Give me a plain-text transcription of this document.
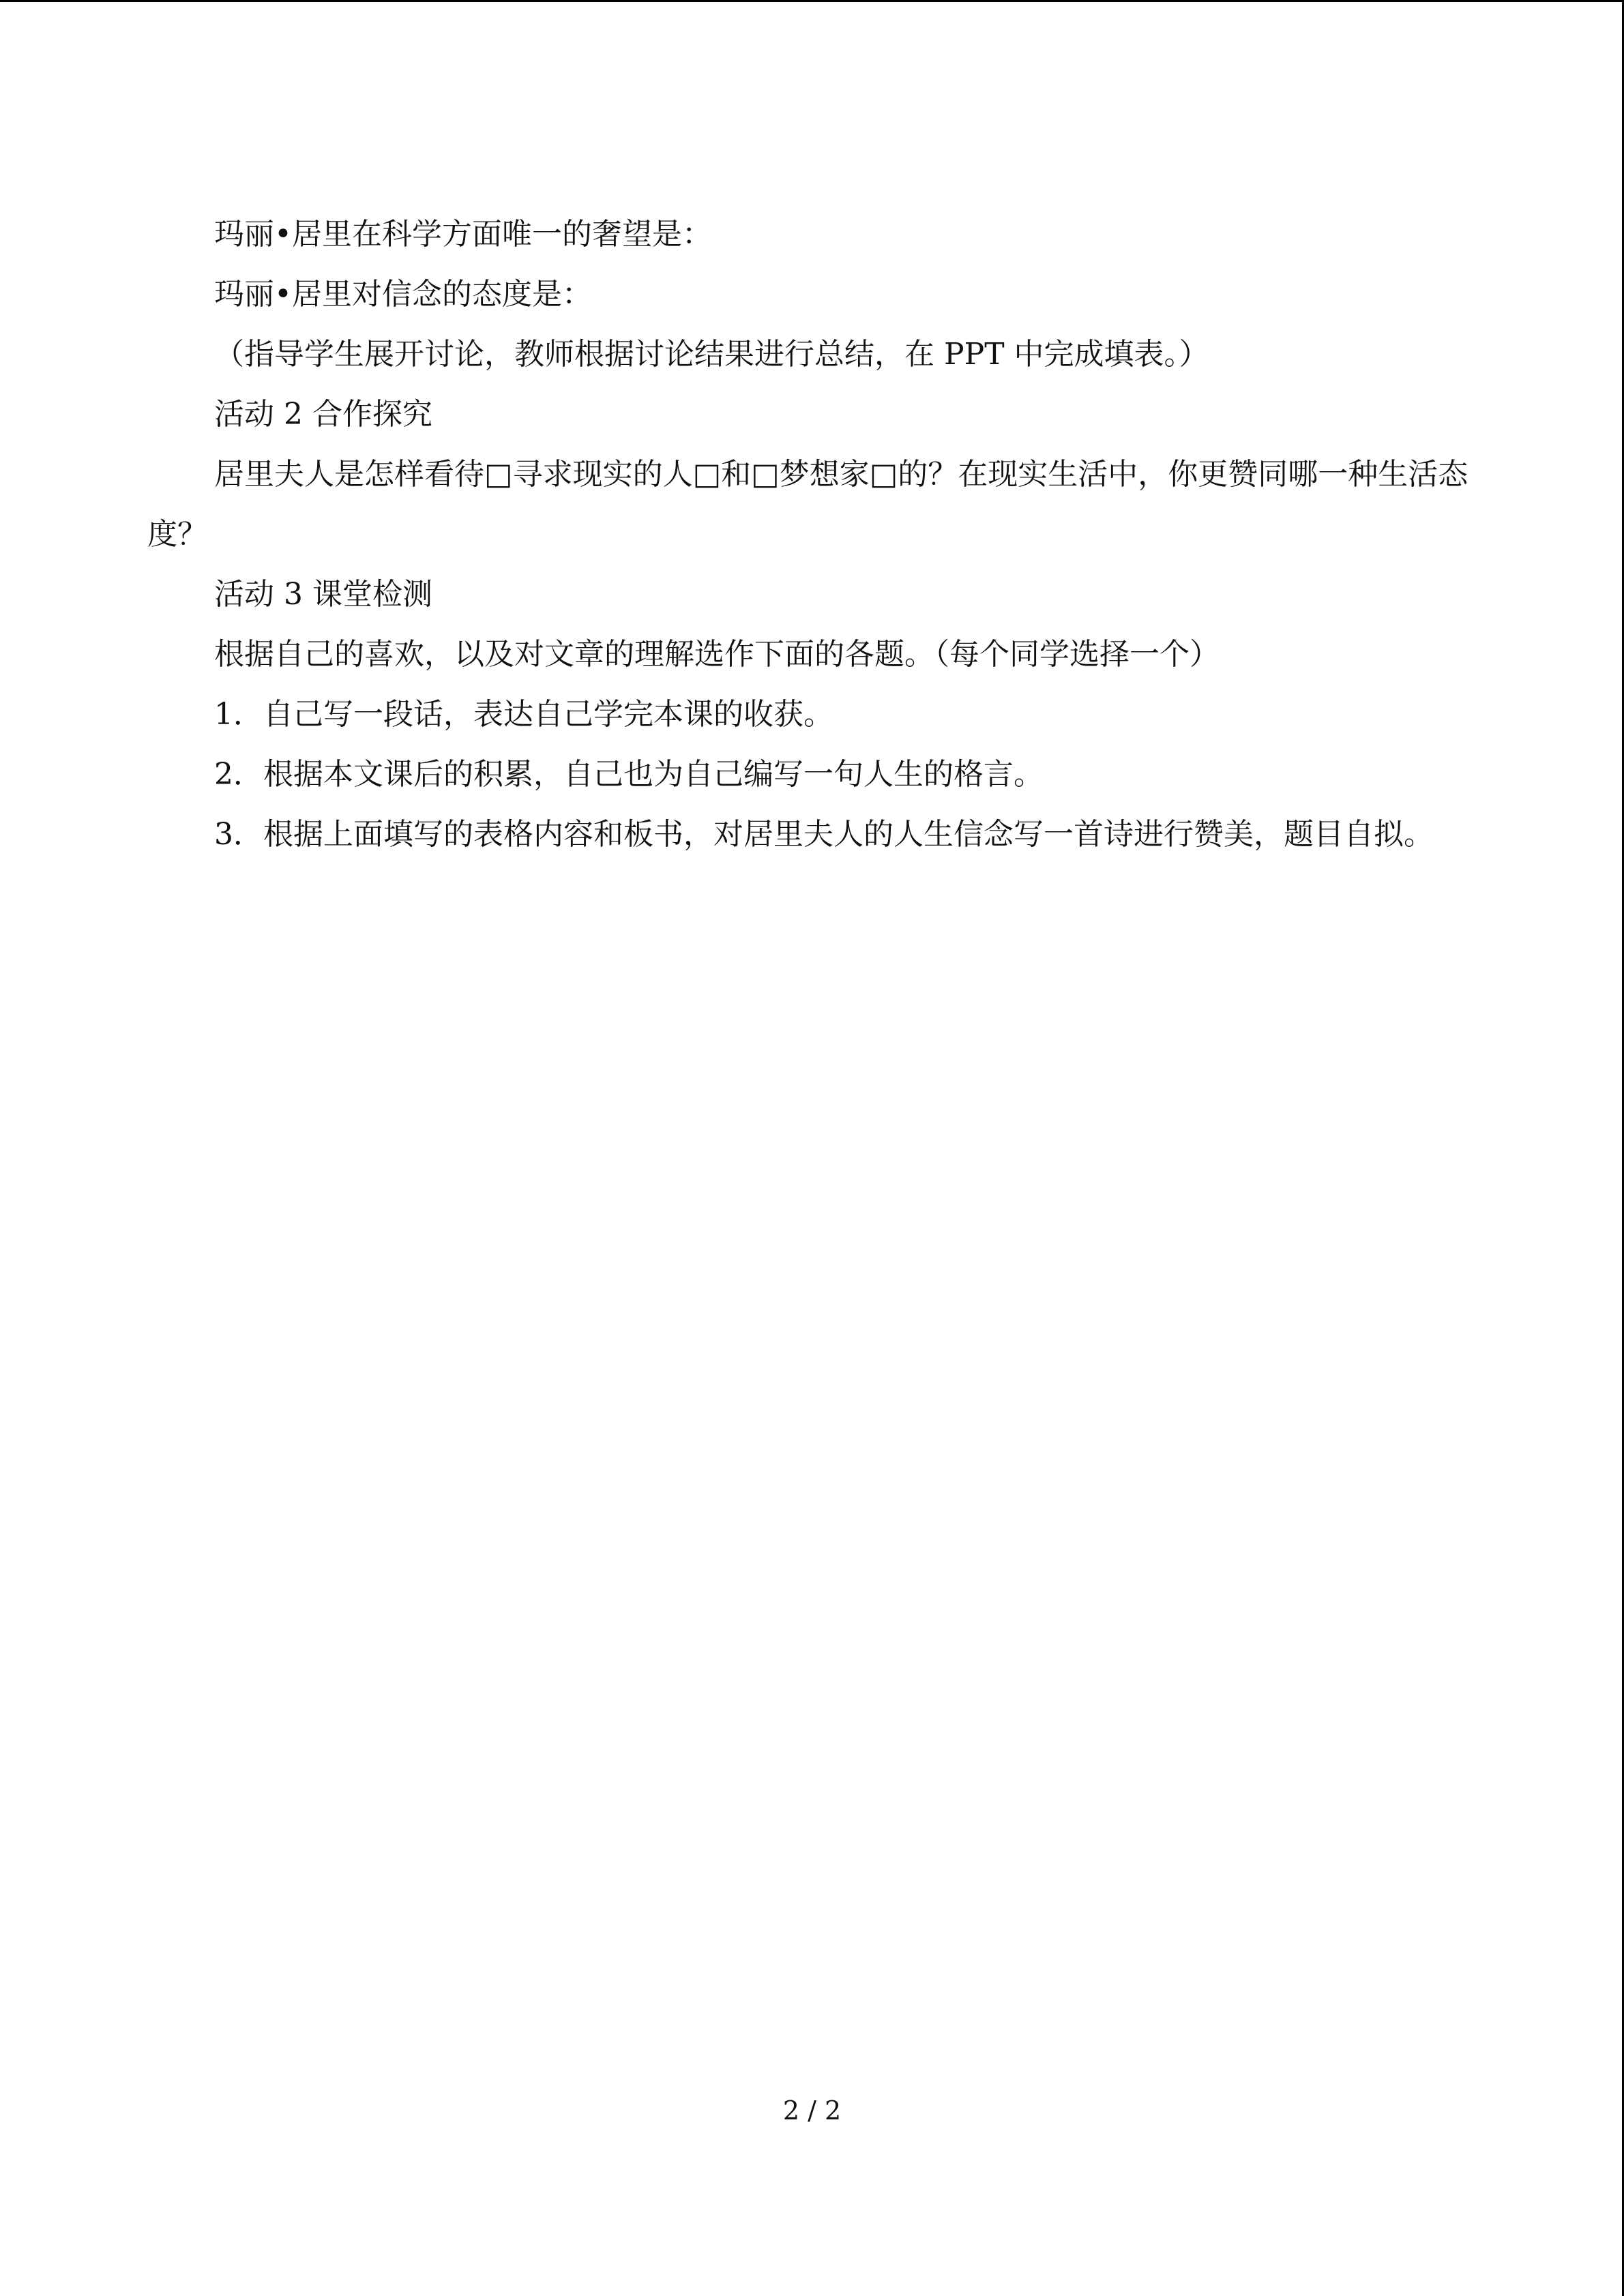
玛丽•居里在科学方面唯一的奢望是：

玛丽•居里对信念的态度是：

（指导学生展开讨论，教师根据讨论结果进行总结，在 PPT 中完成填表。）

活动 2 合作探究

居里夫人是怎样看待□寻求现实的人□和□梦想家□的？在现实生活中，你更赞同哪一种生活态度？

活动 3 课堂检测

根据自己的喜欢，以及对文章的理解选作下面的各题。（每个同学选择一个）

1．自己写一段话，表达自己学完本课的收获。

2．根据本文课后的积累，自己也为自己编写一句人生的格言。

3．根据上面填写的表格内容和板书，对居里夫人的人生信念写一首诗进行赞美，题目自拟。

2 / 2
